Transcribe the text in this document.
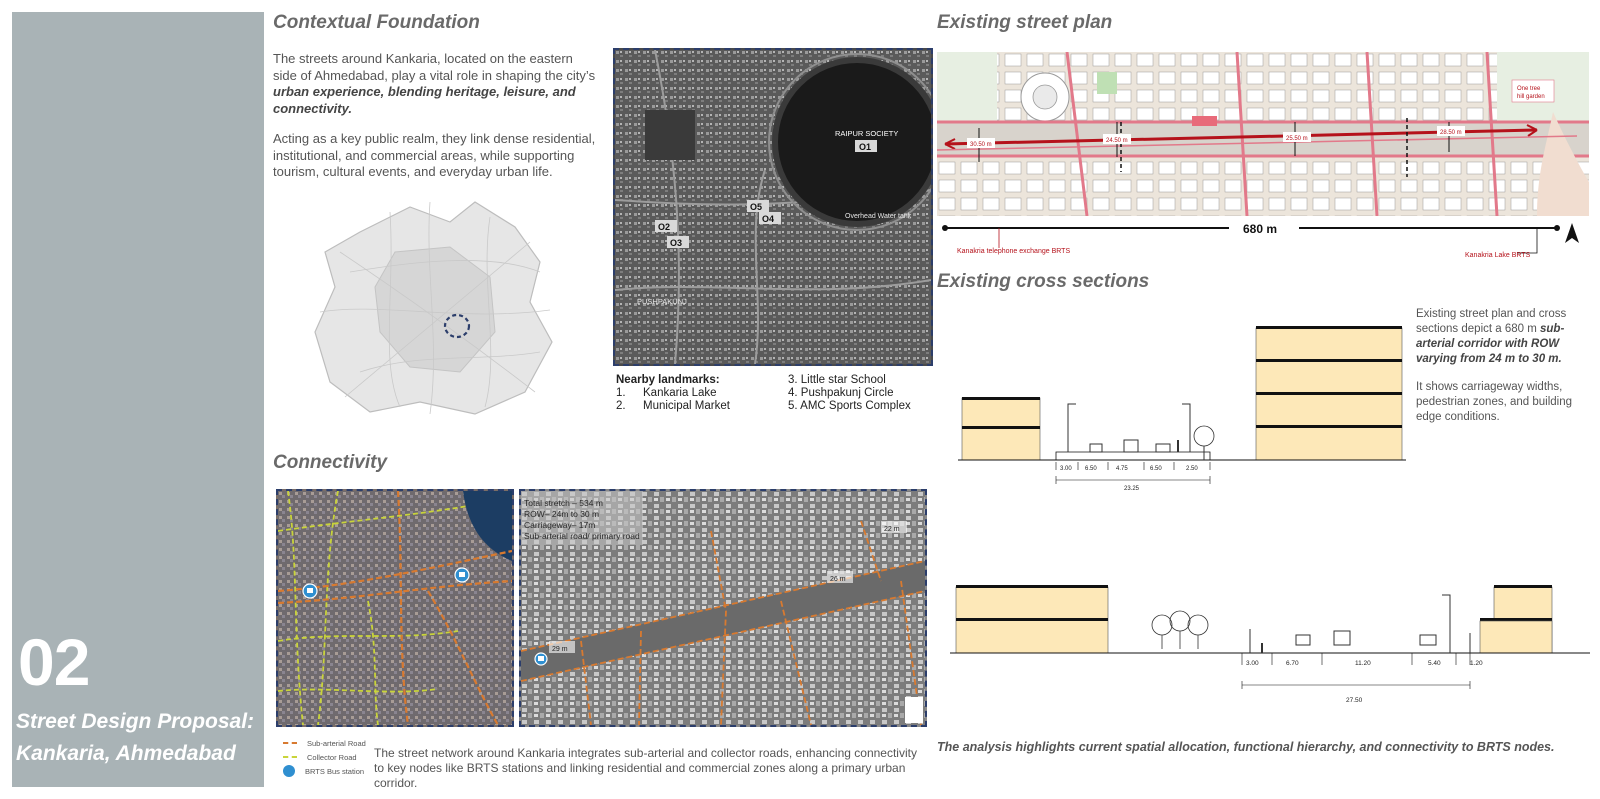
02
Street Design Proposal:
Kankaria, Ahmedabad
Contextual Foundation
The streets around Kankaria, located on the eastern side of Ahmedabad, play a vital role in shaping the city’s urban experience, blending heritage, leisure, and connectivity.
Acting as a key public realm, they link dense residential, institutional, and commercial areas, while supporting tourism, cultural events, and everyday urban life.
O1
RAIPUR SOCIETY
O5
O4
O2
O3
Overhead Water tank
PUSHPAKUNJ
Nearby landmarks:
1.	Kankaria Lake
2.	Municipal Market
3. Little star School
4. Pushpakunj Circle
5. AMC Sports Complex
Connectivity
22 m
26 m
29 m
Total stretch – 534 m
ROW– 24m to 30 m
Carriageway– 17m
Sub-arterial road/ primary road
Sub-arterial Road
Collector Road
BRTS Bus station
The street network around Kankaria integrates sub-arterial and collector roads, enhancing connectivity to key nodes like BRTS stations and linking residential and commercial zones along a primary urban corridor.
Existing street plan
30.50 m
24.50 m	25.50 m
28.50 m
One tree
hill garden
680 m
Kanakria telephone exchange BRTS
Kanakria Lake BRTS
Existing cross sections
Existing street plan and cross sections depict a 680 m sub-arterial corridor with ROW varying from 24 m to 30 m.
It shows carriageway widths, pedestrian zones, and building edge conditions.
3.00 6.50	4.75	6.50	2.50
23.25
3.00	6.70	11.20	5.40	1.20
27.50
The analysis highlights current spatial allocation, functional hierarchy, and connectivity to BRTS nodes.
